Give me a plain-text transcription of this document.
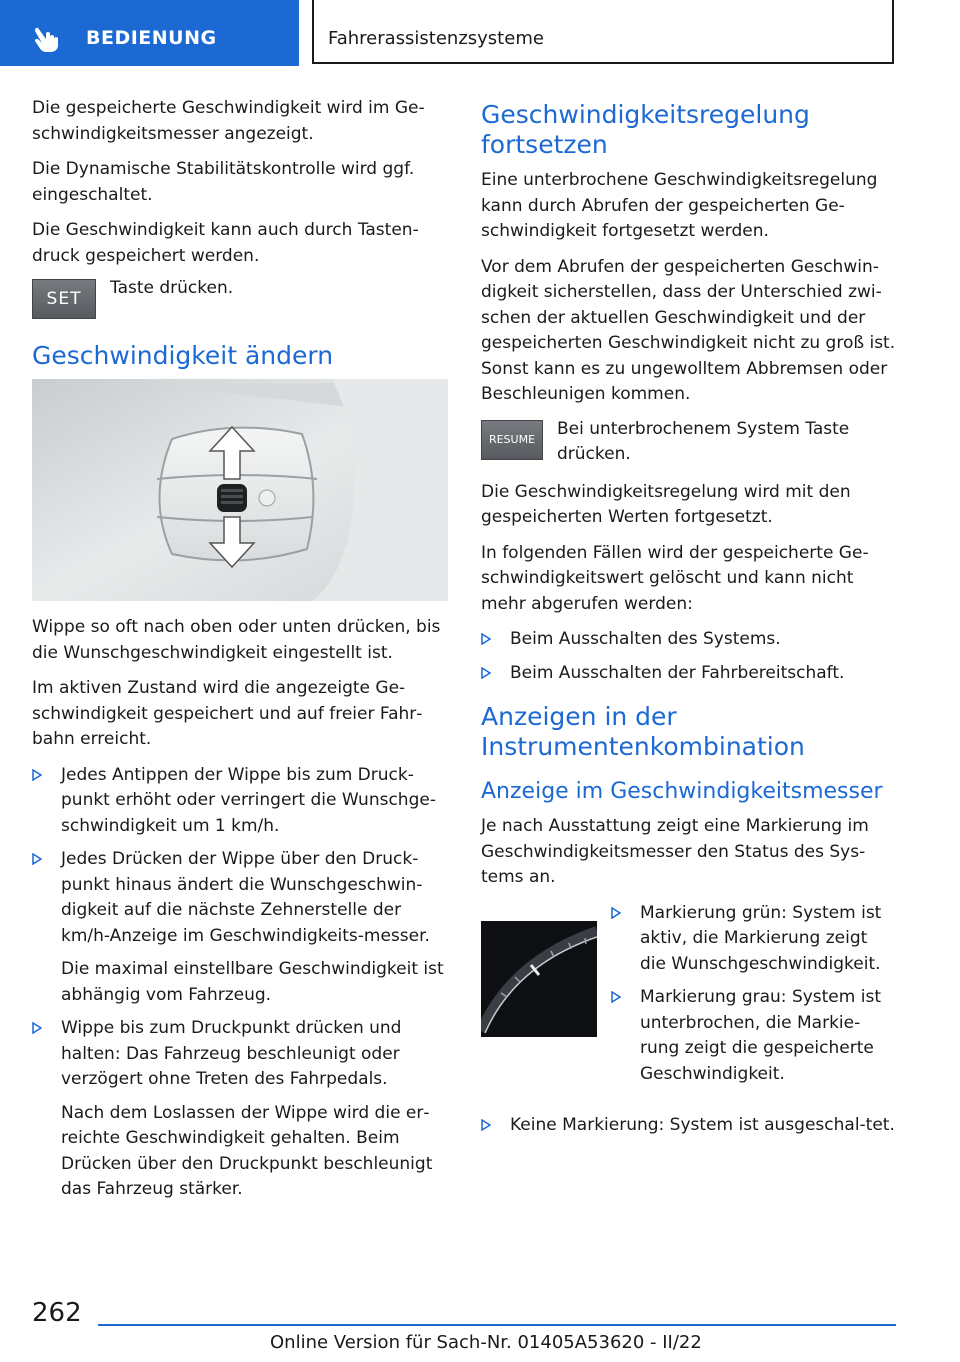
BEDIENUNG	Fahrerassistenzsysteme

Die gespeicherte Geschwindigkeit wird im Ge‐schwindigkeitsmesser angezeigt.

Die Dynamische Stabilitätskontrolle wird ggf. eingeschaltet.

Die Geschwindigkeit kann auch durch Tasten‐druck gespeichert werden.

SET
Taste drücken.
Geschwindigkeit ändern

Wippe so oft nach oben oder unten drücken, bis die Wunschgeschwindigkeit eingestellt ist.

Im aktiven Zustand wird die angezeigte Ge‐schwindigkeit gespeichert und auf freier Fahr‐bahn erreicht.

Jedes Antippen der Wippe bis zum Druck‐punkt erhöht oder verringert die Wunschge‐schwindigkeit um 1 km/h.
Jedes Drücken der Wippe über den Druck‐punkt hinaus ändert die Wunschgeschwin‐digkeit auf die nächste Zehnerstelle der km/h-Anzeige im Geschwindigkeits‐messer.
Die maximal einstellbare Geschwindigkeit ist abhängig vom Fahrzeug.
Wippe bis zum Druckpunkt drücken und halten: Das Fahrzeug beschleunigt oder verzögert ohne Treten des Fahrpedals.
Nach dem Loslassen der Wippe wird die er‐reichte Geschwindigkeit gehalten. Beim Drücken über den Druckpunkt beschleunigt das Fahrzeug stärker.
Geschwindigkeitsregelung fortsetzen

Eine unterbrochene Geschwindigkeitsregelung kann durch Abrufen der gespeicherten Ge‐schwindigkeit fortgesetzt werden.

Vor dem Abrufen der gespeicherten Geschwin‐digkeit sicherstellen, dass der Unterschied zwi‐schen der aktuellen Geschwindigkeit und der gespeicherten Geschwindigkeit nicht zu groß ist. Sonst kann es zu ungewolltem Abbremsen oder Beschleunigen kommen.

RESUME
Bei unterbrochenem System Taste drücken.

Die Geschwindigkeitsregelung wird mit den gespeicherten Werten fortgesetzt.

In folgenden Fällen wird der gespeicherte Ge‐schwindigkeitswert gelöscht und kann nicht mehr abgerufen werden:

Beim Ausschalten des Systems.
Beim Ausschalten der Fahrbereitschaft.
Anzeigen in der Instrumentenkombination
Anzeige im Geschwindigkeitsmesser

Je nach Ausstattung zeigt eine Markierung im Geschwindigkeitsmesser den Status des Sys‐tems an.

Markierung grün: System ist aktiv, die Markierung zeigt die Wunschgeschwindigkeit.
Markierung grau: System ist unterbrochen, die Markie‐rung zeigt die gespeicherte Geschwindigkeit.
Keine Markierung: System ist ausgeschal‐tet.
262
Online Version für Sach-Nr. 01405A53620 - II/22
